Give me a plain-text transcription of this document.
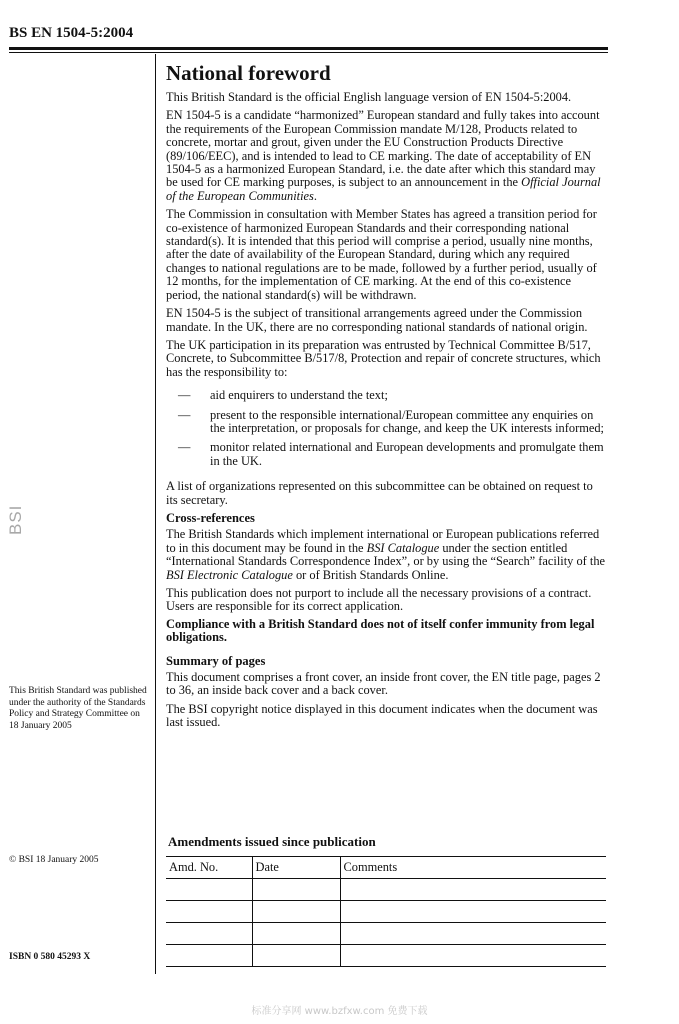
BS EN 1504-5:2004
BSI
National foreword

This British Standard is the official English language version of EN 1504-5:2004.

EN 1504-5 is a candidate “harmonized” European standard and fully takes into account the requirements of the European Commission mandate M/128, Products related to concrete, mortar and grout, given under the EU Construction Products Directive (89/106/EEC), and is intended to lead to CE marking. The date of acceptability of EN 1504-5 as a harmonized European Standard, i.e. the date after which this standard may be used for CE marking purposes, is subject to an announcement in the Official Journal of the European Communities.

The Commission in consultation with Member States has agreed a transition period for co-existence of harmonized European Standards and their corresponding national standard(s). It is intended that this period will comprise a period, usually nine months, after the date of availability of the European Standard, during which any required changes to national regulations are to be made, followed by a further period, usually of 12 months, for the implementation of CE marking. At the end of this co-existence period, the national standard(s) will be withdrawn.

EN 1504-5 is the subject of transitional arrangements agreed under the Commission mandate. In the UK, there are no corresponding national standards of national origin.

The UK participation in its preparation was entrusted by Technical Committee B/517, Concrete, to Subcommittee B/517/8, Protection and repair of concrete structures, which has the responsibility to:

—	aid enquirers to understand the text;
—	present to the responsible international/European committee any enquiries on the interpretation, or proposals for change, and keep the UK interests informed;
—	monitor related international and European developments and promulgate them in the UK.

A list of organizations represented on this subcommittee can be obtained on request to its secretary.

Cross-references

The British Standards which implement international or European publications referred to in this document may be found in the BSI Catalogue under the section entitled “International Standards Correspondence Index”, or by using the “Search” facility of the BSI Electronic Catalogue or of British Standards Online.

This publication does not purport to include all the necessary provisions of a contract. Users are responsible for its correct application.

Compliance with a British Standard does not of itself confer immunity from legal obligations.

Summary of pages

This document comprises a front cover, an inside front cover, the EN title page, pages 2 to 36, an inside back cover and a back cover.

The BSI copyright notice displayed in this document indicates when the document was last issued.

This British Standard was published under the authority of the Standards Policy and Strategy Committee on 18 January 2005
© BSI 18 January 2005
ISBN 0 580 45293 X
Amendments issued since publication
Amd. No.	Date	Comments

标准分享网 www.bzfxw.com 免费下载
